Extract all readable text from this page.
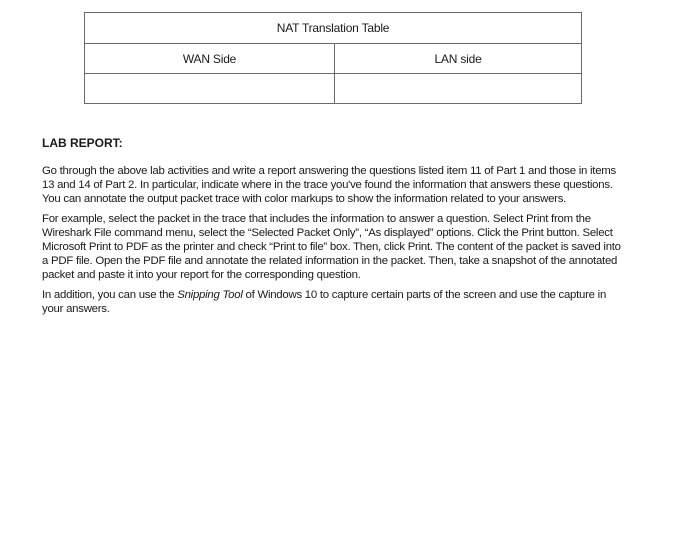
NAT Translation Table	
WAN Side	LAN side

LAB REPORT:

Go through the above lab activities and write a report answering the questions listed item 11 of Part 1 and those in items 13 and 14 of Part 2. In particular, indicate where in the trace you've found the information that answers these questions. You can annotate the output packet trace with color markups to show the information related to your answers.

For example, select the packet in the trace that includes the information to answer a question. Select Print from the Wireshark File command menu, select the “Selected Packet Only”, “As displayed” options. Click the Print button. Select Microsoft Print to PDF as the printer and check “Print to file” box. Then, click Print. The content of the packet is saved into a PDF file. Open the PDF file and annotate the related information in the packet. Then, take a snapshot of the annotated packet and paste it into your report for the corresponding question.

In addition, you can use the Snipping Tool of Windows 10 to capture certain parts of the screen and use the capture in your answers.
